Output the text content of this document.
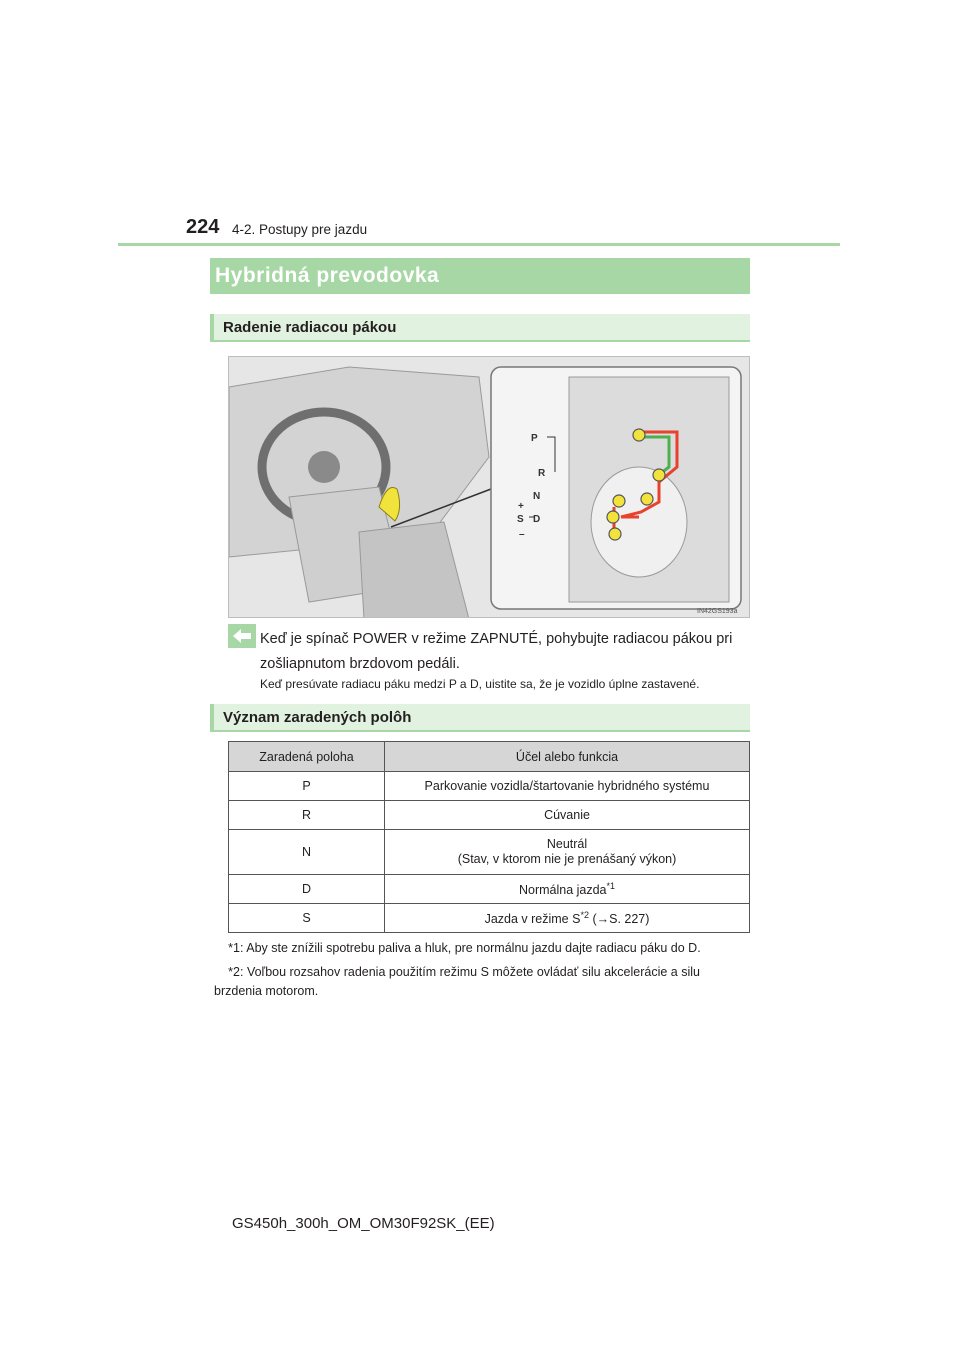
224 4-2. Postupy pre jazdu
Hybridná prevodovka
Radenie radiacou pákou
P
R
N
D
S
+
–
IN42GS193a
Keď je spínač POWER v režime ZAPNUTÉ, pohybujte radiacou pákou pri zošliapnutom brzdovom pedáli.
Keď presúvate radiacu páku medzi P a D, uistite sa, že je vozidlo úplne zastavené.
Význam zaradených polôh
Zaradená poloha	Účel alebo funkcia
P	Parkovanie vozidla/štartovanie hybridného systému
R	Cúvanie
N	Neutrál
(Stav, v ktorom nie je prenášaný výkon)
D	Normálna jazda$^{*1}$
S	Jazda v režime $S^{*2}$ (→S. 227)
*1: Aby ste znížili spotrebu paliva a hluk, pre normálnu jazdu dajte radiacu páku do D.
*2: Voľbou rozsahov radenia použitím režimu S môžete ovládať silu akcelerácie a silu brzdenia motorom.
GS450h_300h_OM_OM30F92SK_(EE)
